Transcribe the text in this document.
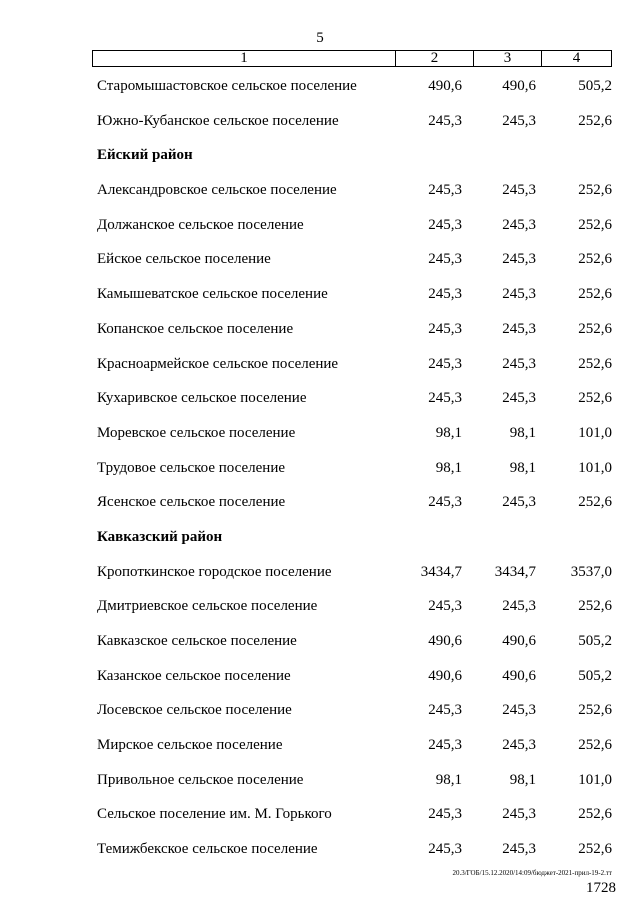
5
1	2	3	4
Старомышастовское сельское поселение	490,6	490,6	505,2
Южно-Кубанское сельское поселение	245,3	245,3	252,6
Ейский район
Александровское сельское поселение	245,3	245,3	252,6
Должанское сельское поселение	245,3	245,3	252,6
Ейское сельское поселение	245,3	245,3	252,6
Камышеватское сельское поселение	245,3	245,3	252,6
Копанское сельское поселение	245,3	245,3	252,6
Красноармейское сельское поселение	245,3	245,3	252,6
Кухаривское сельское поселение	245,3	245,3	252,6
Моревское сельское поселение	98,1	98,1	101,0
Трудовое сельское поселение	98,1	98,1	101,0
Ясенское сельское поселение	245,3	245,3	252,6
Кавказский район
Кропоткинское городское поселение	3434,7 3434,7 3537,0
Дмитриевское сельское поселение	245,3	245,3	252,6
Кавказское сельское поселение	490,6	490,6	505,2
Казанское сельское поселение	490,6	490,6	505,2
Лосевское сельское поселение	245,3	245,3	252,6
Мирское сельское поселение	245,3	245,3	252,6
Привольное сельское поселение	98,1	98,1	101,0
Сельское поселение им. М. Горького	245,3	245,3	252,6
Темижбекское сельское поселение	245,3	245,3	252,6
20.3/ГОБ/15.12.2020/14:09/бюджет-2021-прил-19-2.тт
1728
